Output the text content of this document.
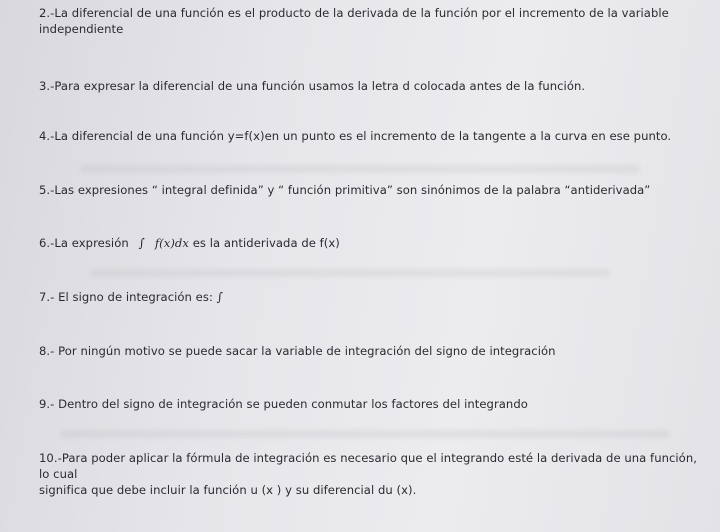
2.-La diferencial de una función es el producto de la derivada de la función por el incremento de la variable
independiente
3.-Para expresar la diferencial de una función usamos la letra d colocada antes de la función.
4.-La diferencial de una función y=f(x)en un punto es el incremento de la tangente a la curva en ese punto.
5.-Las expresiones “ integral definida” y “ función primitiva” son sinónimos de la palabra “antiderivada”
6.-La expresión ∫ f(x)dx es la antiderivada de f(x)
7.- El signo de integración es: ∫
8.- Por ningún motivo se puede sacar la variable de integración del signo de integración
9.- Dentro del signo de integración se pueden conmutar los factores del integrando
10.-Para poder aplicar la fórmula de integración es necesario que el integrando esté la derivada de una función, lo cual
significa que debe incluir la función u (x ) y su diferencial du (x).
